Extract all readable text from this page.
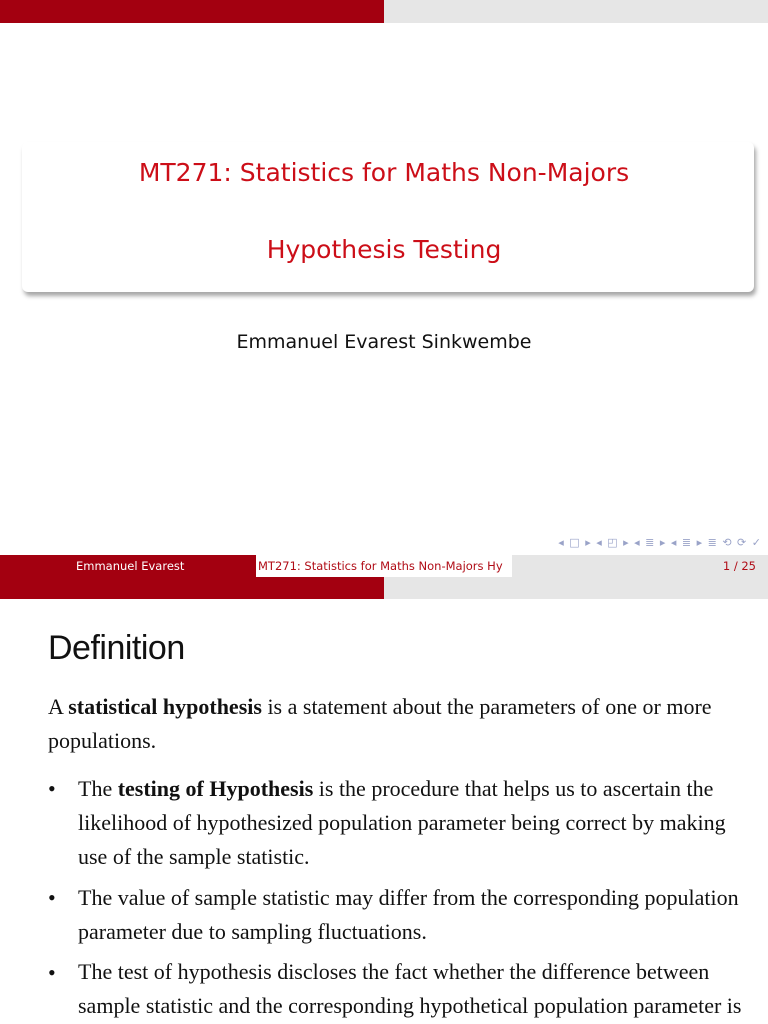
MT271: Statistics for Maths Non-Majors
Hypothesis Testing
Emmanuel Evarest Sinkwembe
◂ □ ▸ ◂ ◰ ▸ ◂ ≣ ▸ ◂ ≣ ▸ ≣ ⟲ ⟳ ✓
Emmanuel Evarest	MT271: Statistics for Maths Non-Majors Hy	1 / 25
Definition
A statistical hypothesis is a statement about the parameters of one or more populations.
• The testing of Hypothesis is the procedure that helps us to ascertain the likelihood of hypothesized population parameter being correct by making use of the sample statistic.
• The value of sample statistic may differ from the corresponding population parameter due to sampling fluctuations.
• The test of hypothesis discloses the fact whether the difference between sample statistic and the corresponding hypothetical population parameter is
